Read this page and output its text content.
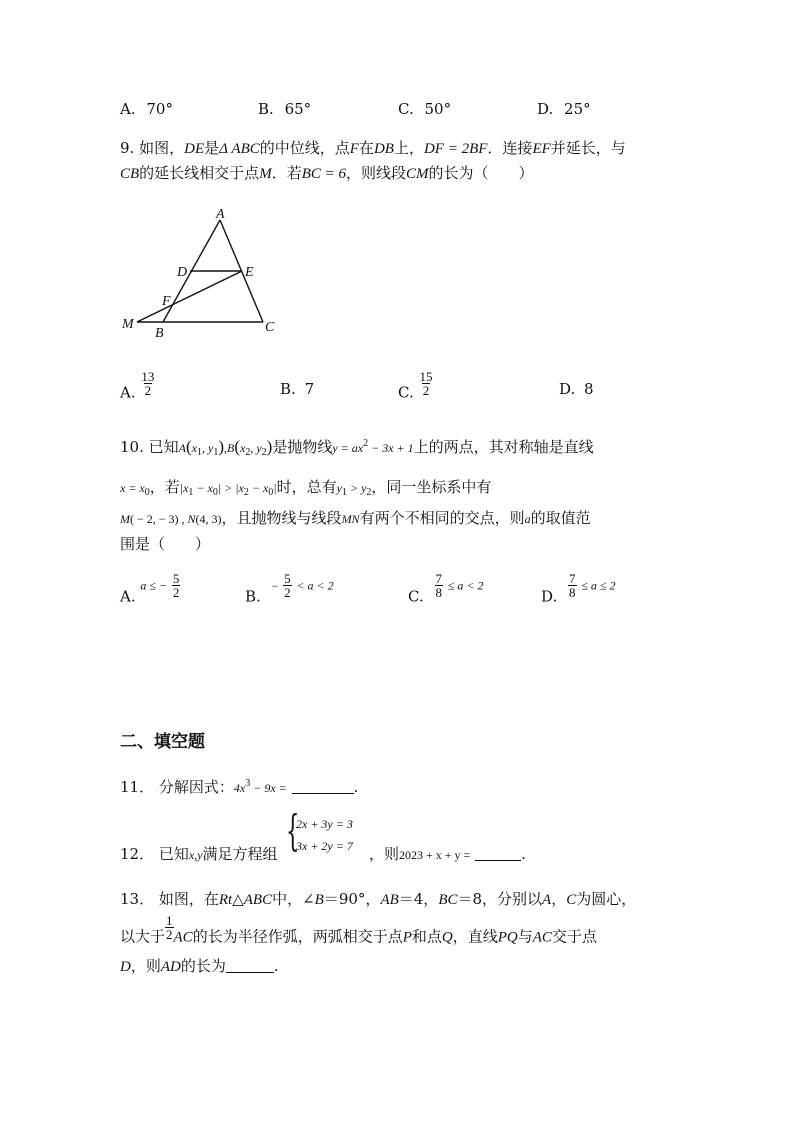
A. 70°	B. 65°	C. 50°	D. 25°
9. 如图，DE是Δ ABC的中位线，点F在DB上，DF = 2BF．连接EF并延长，与
CB的延长线相交于点M．若BC = 6，则线段CM的长为（　　）
A
D	E
F
M
B	C
A. $\frac{13}{2}$	B. 7	C. $\frac{15}{2}$	D. 8
10. 已知$A(x_1$, $y_1),B(x_2$, $y_2$)是抛物线$y = ax^2 - 3x + 1$上的两点，其对称轴是直线
$x = x_0$，若$|x_1 - x_0| > |x_2 - x_0|$时，总有$y_1 > y_2$，同一坐标系中有
M( − 2, − 3) , N(4, 3)，且抛物线与线段MN有两个不相同的交点，则a的取值范
围是（　　）
A. a ≤ − $\frac{5}{2}$	B. − $\frac{5}{2} < a < 2$
C. $\frac{7}{8} \le a < 2$
D. $\frac{7}{8} \le a \le 2$
二、填空题
11． 分解因式：$4x^3 - 9x$ =	.
12． 已知x,y满足方程组 {
2x + 3y = 3
3x + 2y = 7 ，则2023 + x + y =	.
13． 如图，在Rt△ABC中，∠B＝90°，AB＝4，BC＝8，分别以A，C为圆心，
以大于 $\frac{1}{2}$ AC的长为半径作弧，两弧相交于点P和点Q，直线PQ与AC交于点
D，则AD的长为	.
